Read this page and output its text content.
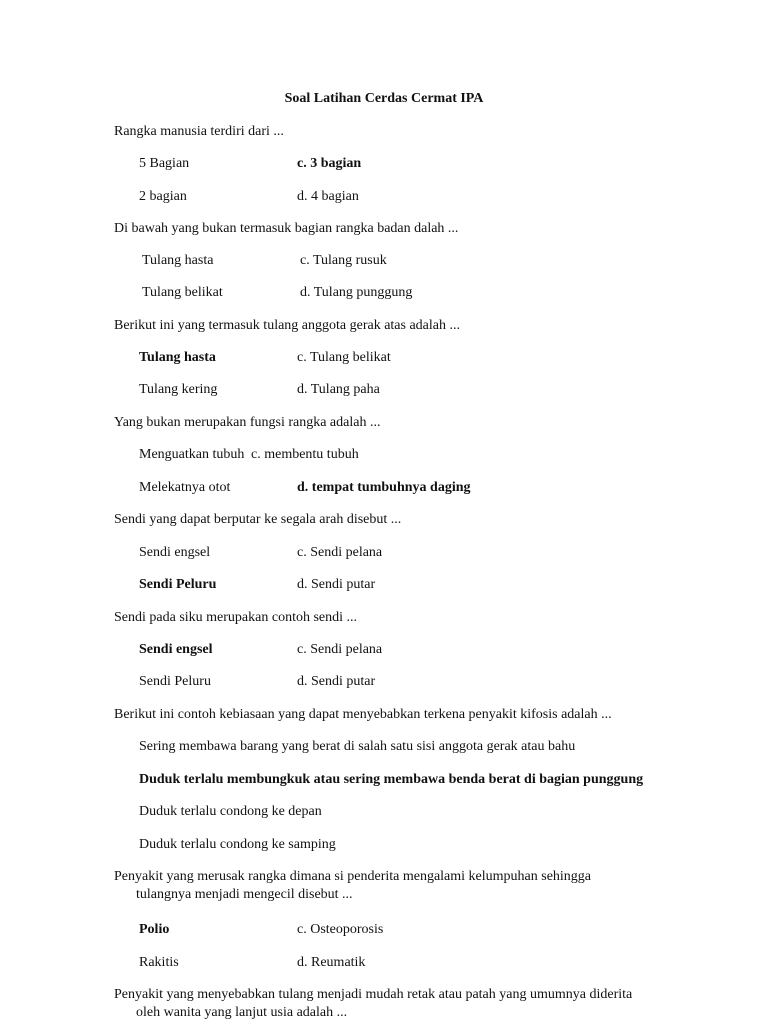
Soal Latihan Cerdas Cermat IPA
Rangka manusia terdiri dari ...
5 Bagian	c. 3 bagian
2 bagian	d. 4 bagian
Di bawah yang bukan termasuk bagian rangka badan dalah ...
Tulang hasta	c. Tulang rusuk
Tulang belikat	d. Tulang punggung
Berikut ini yang termasuk tulang anggota gerak atas adalah ...
Tulang hasta	c. Tulang belikat
Tulang kering	d. Tulang paha
Yang bukan merupakan fungsi rangka adalah ...
Menguatkan tubuh c. membentu tubuh
Melekatnya otot	d. tempat tumbuhnya daging
Sendi yang dapat berputar ke segala arah disebut ...
Sendi engsel	c. Sendi pelana
Sendi Peluru	d. Sendi putar
Sendi pada siku merupakan contoh sendi ...
Sendi engsel	c. Sendi pelana
Sendi Peluru	d. Sendi putar
Berikut ini contoh kebiasaan yang dapat menyebabkan terkena penyakit kifosis adalah ...
Sering membawa barang yang berat di salah satu sisi anggota gerak atau bahu
Duduk terlalu membungkuk atau sering membawa benda berat di bagian punggung
Duduk terlalu condong ke depan
Duduk terlalu condong ke samping
Penyakit yang merusak rangka dimana si penderita mengalami kelumpuhan sehingga
tulangnya menjadi mengecil disebut ...
Polio	c. Osteoporosis
Rakitis	d. Reumatik
Penyakit yang menyebabkan tulang menjadi mudah retak atau patah yang umumnya diderita
oleh wanita yang lanjut usia adalah ...
